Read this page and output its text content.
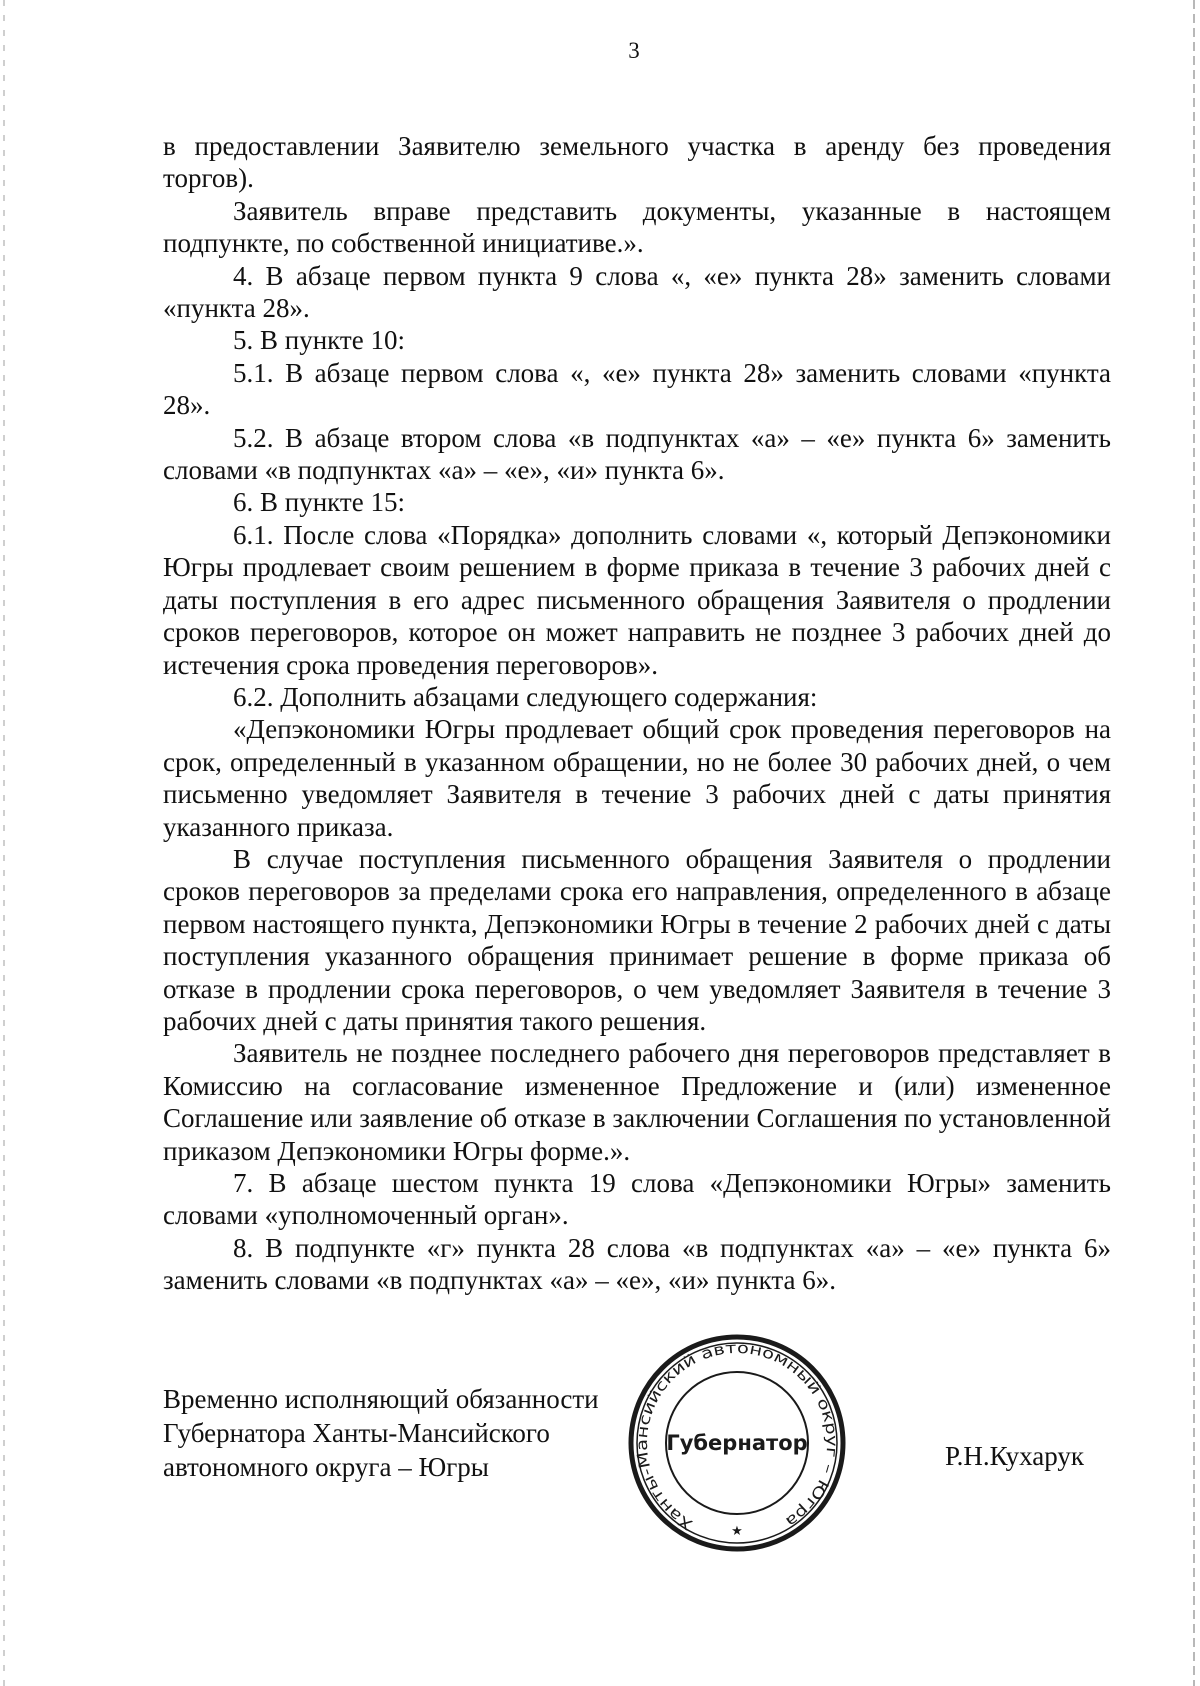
3

в предоставлении Заявителю земельного участка в аренду без проведения торгов).

Заявитель вправе представить документы, указанные в настоящем подпункте, по собственной инициативе.».

4. В абзаце первом пункта 9 слова «, «е» пункта 28» заменить словами «пункта 28».

5. В пункте 10:

5.1. В абзаце первом слова «, «е» пункта 28» заменить словами «пункта 28».

5.2. В абзаце втором слова «в подпунктах «а» – «е» пункта 6» заменить словами «в подпунктах «а» – «е», «и» пункта 6».

6. В пункте 15:

6.1. После слова «Порядка» дополнить словами «, который Депэкономики Югры продлевает своим решением в форме приказа в течение 3 рабочих дней с даты поступления в его адрес письменного обращения Заявителя о продлении сроков переговоров, которое он может направить не позднее 3 рабочих дней до истечения срока проведения переговоров».

6.2. Дополнить абзацами следующего содержания:

«Депэкономики Югры продлевает общий срок проведения переговоров на срок, определенный в указанном обращении, но не более 30 рабочих дней, о чем письменно уведомляет Заявителя в течение 3 рабочих дней с даты принятия указанного приказа.

В случае поступления письменного обращения Заявителя о продлении сроков переговоров за пределами срока его направления, определенного в абзаце первом настоящего пункта, Депэкономики Югры в течение 2 рабочих дней с даты поступления указанного обращения принимает решение в форме приказа об отказе в продлении срока переговоров, о чем уведомляет Заявителя в течение 3 рабочих дней с даты принятия такого решения.

Заявитель не позднее последнего рабочего дня переговоров представляет в Комиссию на согласование измененное Предложение и (или) измененное Соглашение или заявление об отказе в заключении Соглашения по установленной приказом Депэкономики Югры форме.».

7. В абзаце шестом пункта 19 слова «Депэкономики Югры» заменить словами «уполномоченный орган».

8. В подпункте «г» пункта 28 слова «в подпунктах «а» – «е» пункта 6» заменить словами «в подпунктах «а» – «е», «и» пункта 6».

Временно исполняющий обязанности
Губернатора Ханты-Мансийского
автономного округа – Югры
Ханты-Мансийский автономный округ – Югра
Губернатор
★
Р.Н.Кухарук
